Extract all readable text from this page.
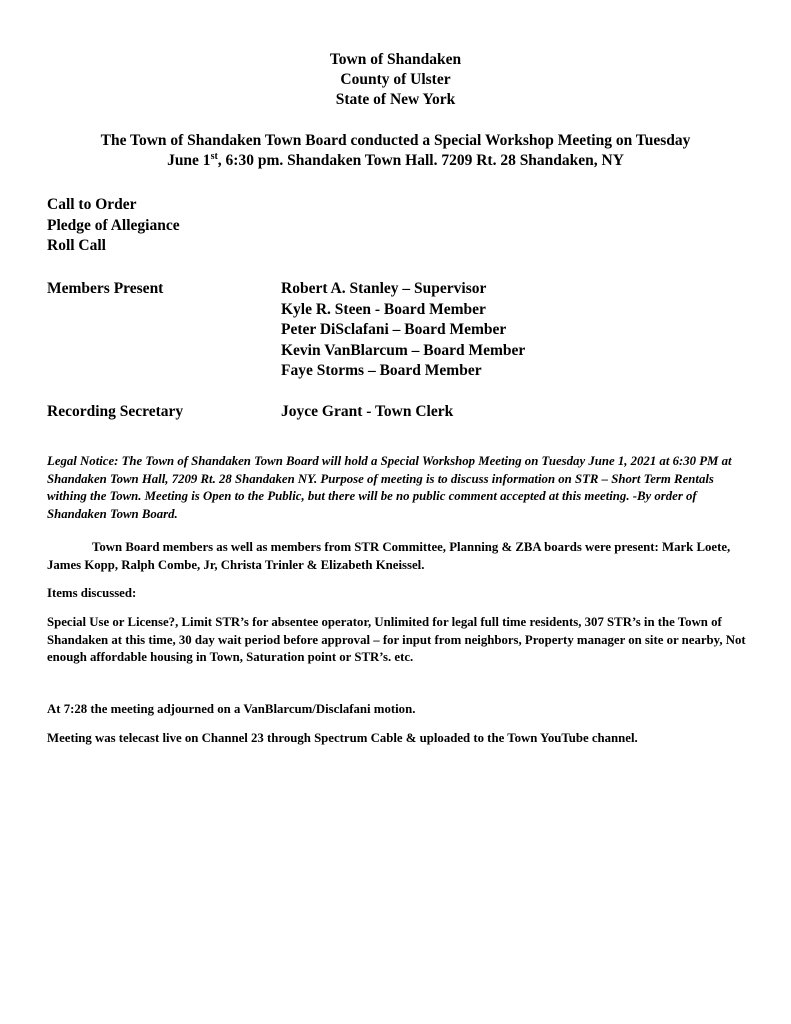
Town of Shandaken
County of Ulster
State of New York
The Town of Shandaken Town Board conducted a Special Workshop Meeting on Tuesday
June 1st, 6:30 pm. Shandaken Town Hall. 7209 Rt. 28 Shandaken, NY
Call to Order
Pledge of Allegiance
Roll Call
Members Present	Robert A. Stanley – Supervisor
Kyle R. Steen - Board Member
Peter DiSclafani – Board Member
Kevin VanBlarcum – Board Member
Faye Storms – Board Member
Recording Secretary	Joyce Grant - Town Clerk
Legal Notice: The Town of Shandaken Town Board will hold a Special Workshop Meeting on Tuesday June 1, 2021 at 6:30 PM at Shandaken Town Hall, 7209 Rt. 28 Shandaken NY. Purpose of meeting is to discuss information on STR – Short Term Rentals withing the Town. Meeting is Open to the Public, but there will be no public comment accepted at this meeting. -By order of Shandaken Town Board.
Town Board members as well as members from STR Committee, Planning & ZBA boards were present: Mark Loete, James Kopp, Ralph Combe, Jr, Christa Trinler & Elizabeth Kneissel.
Items discussed:
Special Use or License?, Limit STR’s for absentee operator, Unlimited for legal full time residents, 307 STR’s in the Town of Shandaken at this time, 30 day wait period before approval – for input from neighbors, Property manager on site or nearby, Not enough affordable housing in Town, Saturation point or STR’s. etc.
At 7:28 the meeting adjourned on a VanBlarcum/Disclafani motion.
Meeting was telecast live on Channel 23 through Spectrum Cable & uploaded to the Town YouTube channel.
